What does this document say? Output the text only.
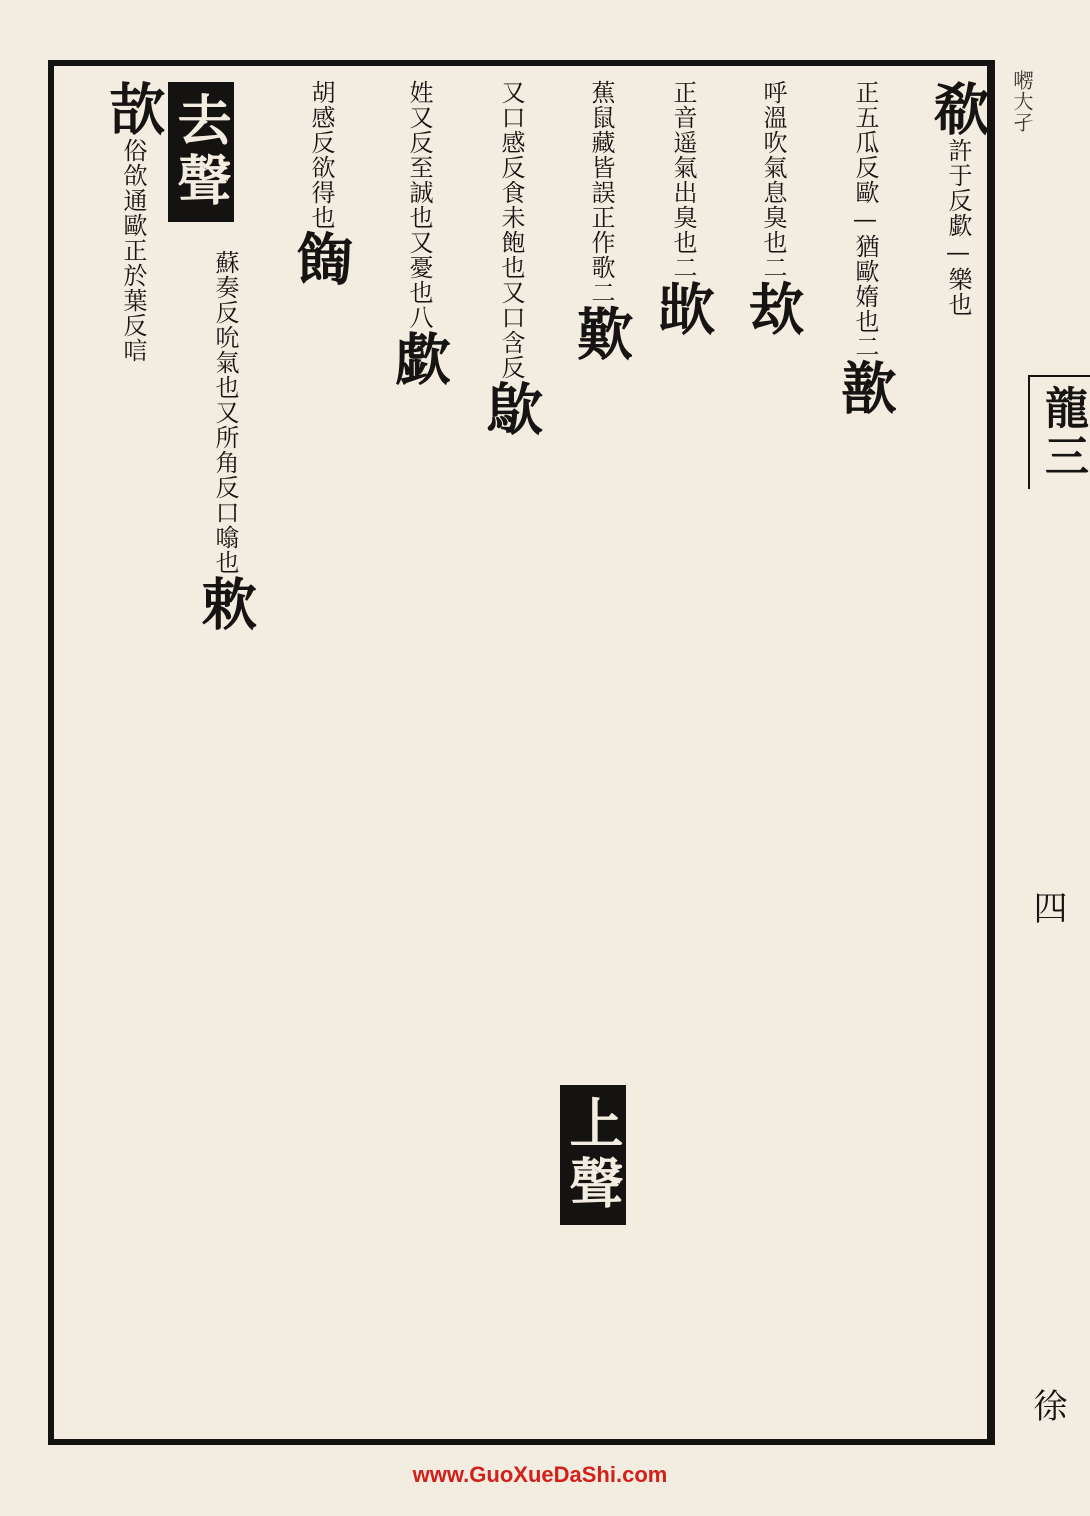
㘄大孑
龍三
四
徐
欷許于反歔—樂也
正五瓜反歐—猶歐媠也二歚
呼溫吹氣息臭也二㰦
正音遥氣出臭也二欪
蕉鼠藏皆誤正作歌二歎
上聲
又口感反食未飽也又口含反歍
姓又反至誠也又憂也八歔
胡感反欲得也䭇
去聲
蘇奏反吮氣也又所角反口噏也欶
欯俗欱通歐正於葉反唁
www.GuoXueDaShi.com
